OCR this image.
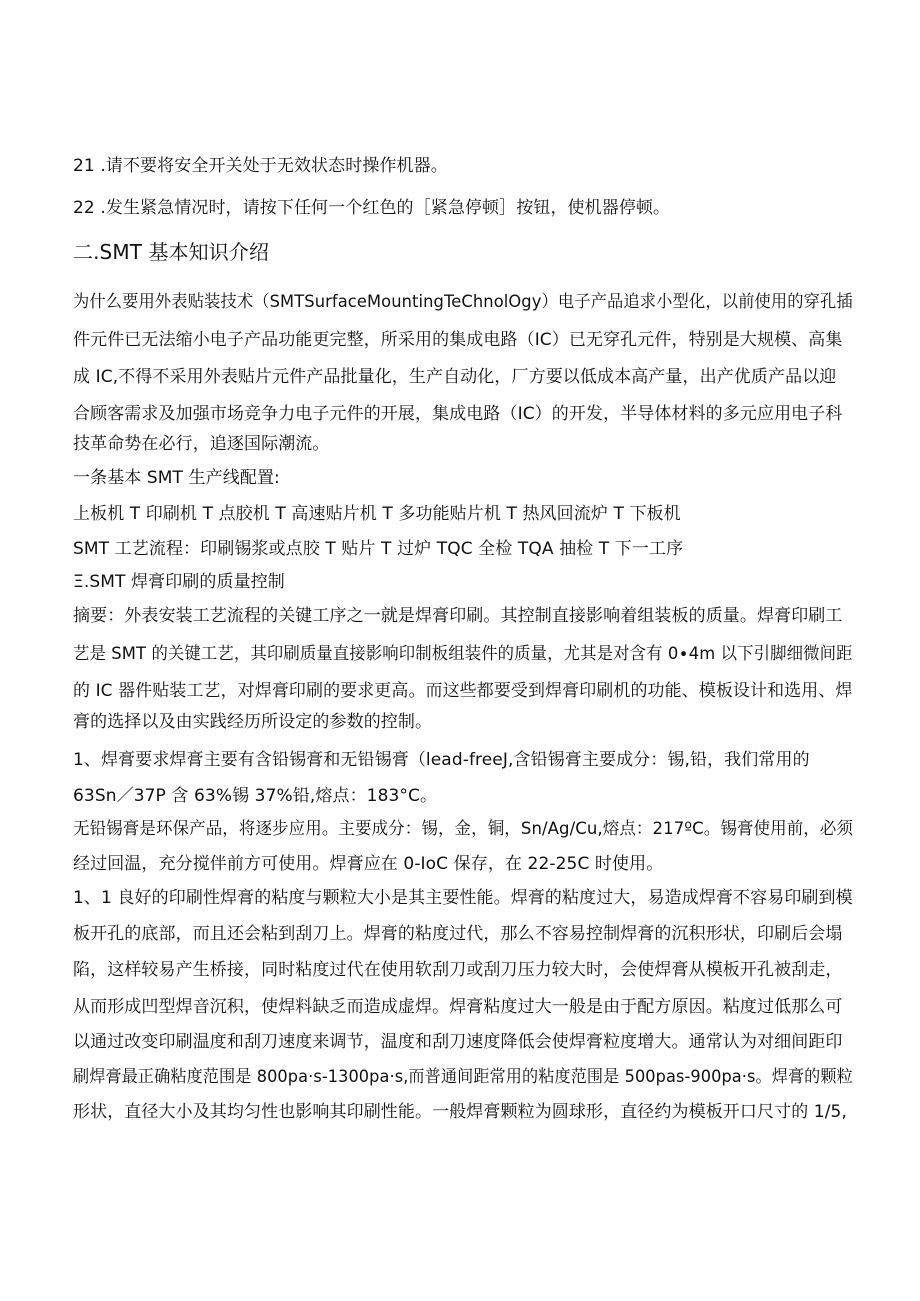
21 .请不要将安全开关处于无效状态时操作机器。
22 .发生紧急情况时，请按下任何一个红色的［紧急停顿］按钮，使机器停顿。
二.SMT 基本知识介绍
为什么要用外表贴装技术（SMTSurfaceMountingTeChnolOgy）电子产品追求小型化，以前使用的穿孔插
件元件已无法缩小电子产品功能更完整，所采用的集成电路（IC）已无穿孔元件，特别是大规模、高集
成 IC,不得不采用外表贴片元件产品批量化，生产自动化，厂方要以低成本高产量，出产优质产品以迎
合顾客需求及加强市场竞争力电子元件的开展，集成电路（IC）的开发，半导体材料的多元应用电子科
技革命势在必行，追逐国际潮流。
一条基本 SMT 生产线配置:
上板机 T 印刷机 T 点胶机 T 高速贴片机 T 多功能贴片机 T 热风回流炉 T 下板机
SMT 工艺流程：印刷锡浆或点胶 T 贴片 T 过炉 TQC 全检 TQA 抽检 T 下一工序
Ξ.SMT 焊膏印刷的质量控制
摘要：外表安装工艺流程的关键工序之一就是焊膏印刷。其控制直接影响着组装板的质量。焊膏印刷工
艺是 SMT 的关键工艺，其印刷质量直接影响印制板组装件的质量，尤其是对含有 0∙4m 以下引脚细微间距
的 IC 器件贴装工艺，对焊膏印刷的要求更高。而这些都要受到焊膏印刷机的功能、模板设计和选用、焊
膏的选择以及由实践经历所设定的参数的控制。
1、焊膏要求焊膏主要有含铅锡膏和无铅锡膏（lead-freeJ,含铅锡膏主要成分：锡,铅，我们常用的
63Sn／37P 含 63%锡 37%铅,熔点：183°C。
无铅锡膏是环保产品，将逐步应用。主要成分：锡，金，铜，Sn/Ag/Cu,熔点：217ºC。锡膏使用前，必须
经过回温，充分搅伴前方可使用。焊膏应在 0-IoC 保存，在 22-25C 时使用。
1、1 良好的印刷性焊膏的粘度与颗粒大小是其主要性能。焊膏的粘度过大，易造成焊膏不容易印刷到模
板开孔的底部，而且还会粘到刮刀上。焊膏的粘度过代，那么不容易控制焊膏的沉积形状，印刷后会塌
陷，这样较易产生桥接，同时粘度过代在使用软刮刀或刮刀压力较大时，会使焊膏从模板开孔被刮走，
从而形成凹型焊音沉积，使焊料缺乏而造成虚焊。焊膏粘度过大一般是由于配方原因。粘度过低那么可
以通过改变印刷温度和刮刀速度来调节，温度和刮刀速度降低会使焊膏粒度增大。通常认为对细间距印
刷焊膏最正确粘度范围是 800pa·s-1300pa·s,而普通间距常用的粘度范围是 500pas-900pa·s。焊膏的颗粒
形状，直径大小及其均匀性也影响其印刷性能。一般焊膏颗粒为圆球形，直径约为模板开口尺寸的 1/5,
